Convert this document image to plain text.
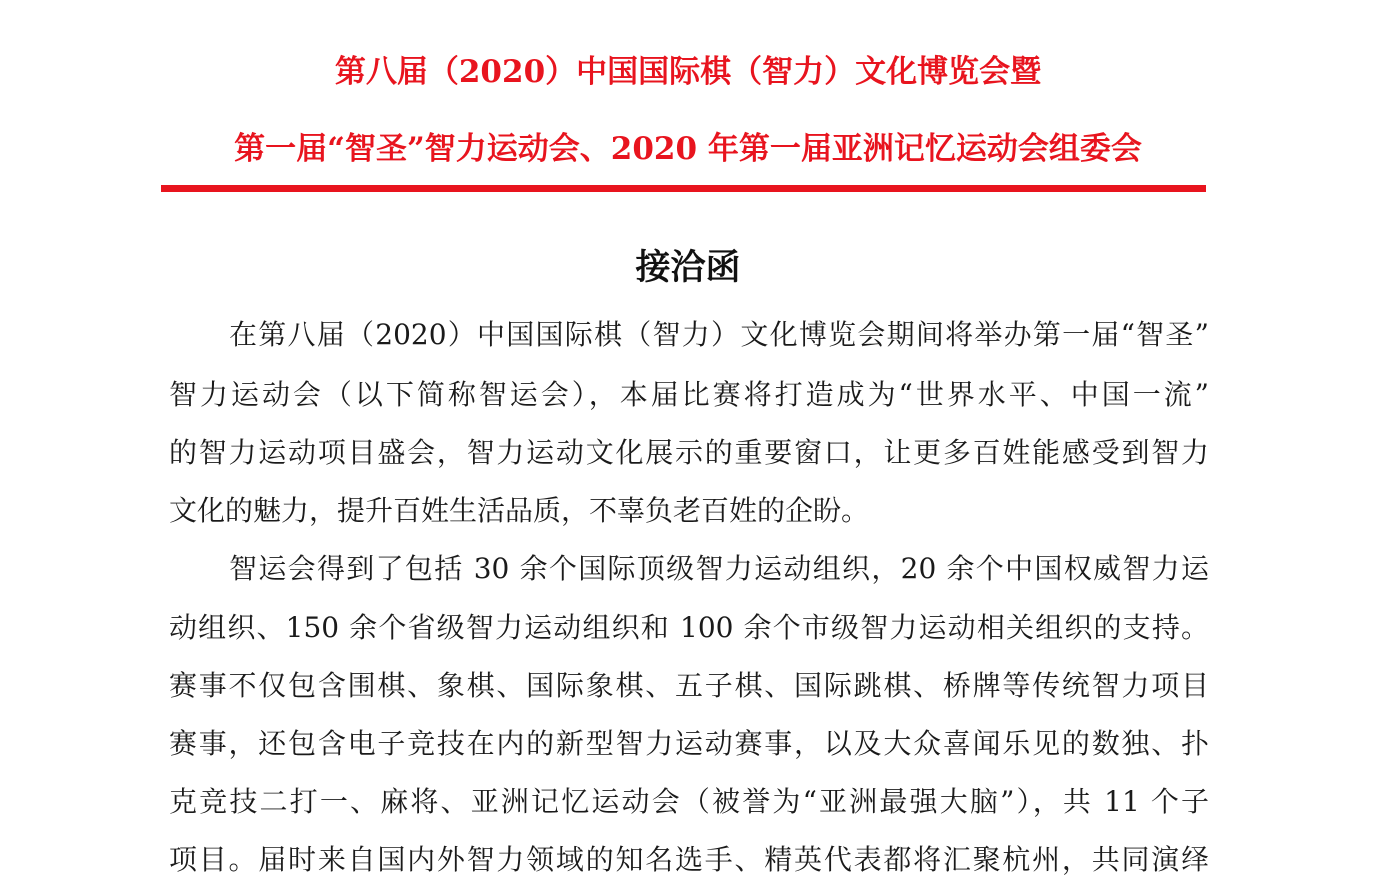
第八届（2020）中国国际棋（智力）文化博览会暨
第一届“智圣”智力运动会、2020 年第一届亚洲记忆运动会组委会
接洽函
在第八届（2020）中国国际棋（智力）文化博览会期间将举办第一届“智圣”
智力运动会（以下简称智运会），本届比赛将打造成为“世界水平、中国一流”
的智力运动项目盛会，智力运动文化展示的重要窗口，让更多百姓能感受到智力
文化的魅力，提升百姓生活品质，不辜负老百姓的企盼。
智运会得到了包括 30 余个国际顶级智力运动组织，20 余个中国权威智力运
动组织、150 余个省级智力运动组织和 100 余个市级智力运动相关组织的支持。
赛事不仅包含围棋、象棋、国际象棋、五子棋、国际跳棋、桥牌等传统智力项目
赛事，还包含电子竞技在内的新型智力运动赛事，以及大众喜闻乐见的数独、扑
克竞技二打一、麻将、亚洲记忆运动会（被誉为“亚洲最强大脑”），共 11 个子
项目。届时来自国内外智力领域的知名选手、精英代表都将汇聚杭州，共同演绎
